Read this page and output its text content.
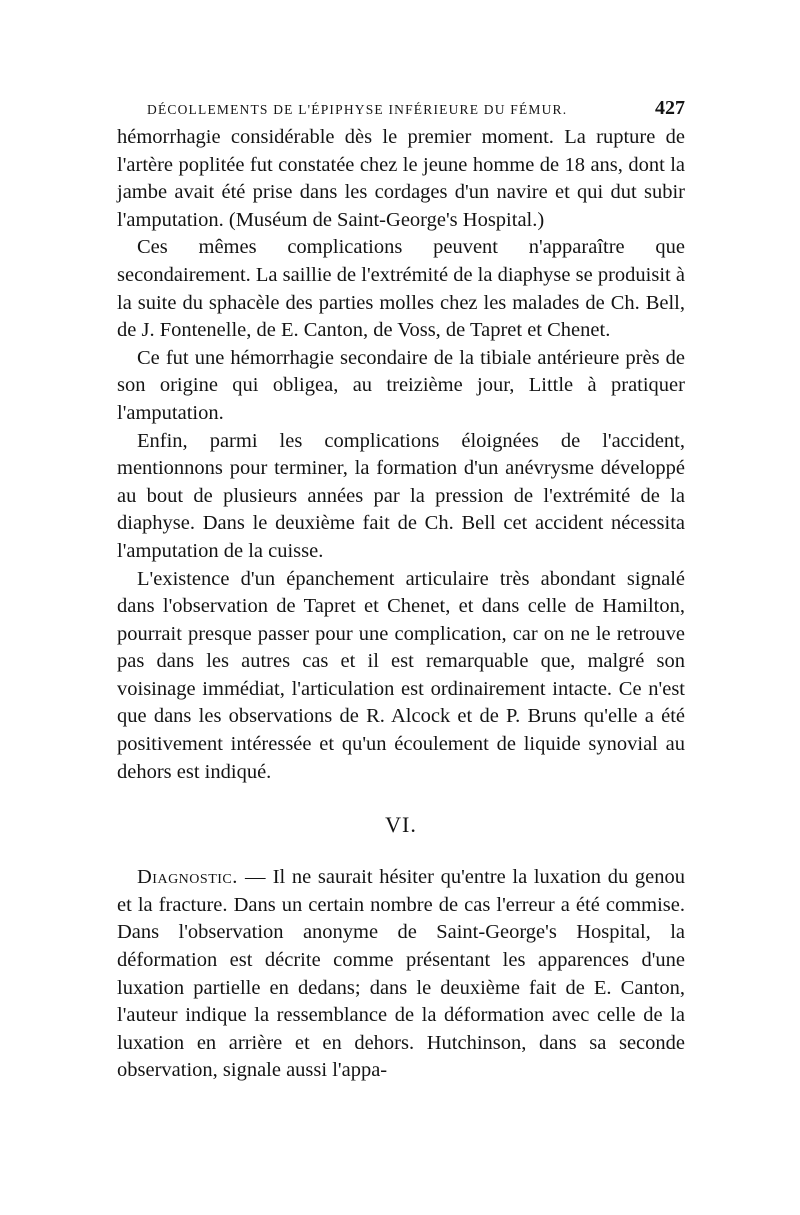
DÉCOLLEMENTS DE L'ÉPIPHYSE INFÉRIEURE DU FÉMUR.	427

hémorrhagie considérable dès le premier moment. La rupture de l'artère poplitée fut constatée chez le jeune homme de 18 ans, dont la jambe avait été prise dans les cordages d'un navire et qui dut subir l'amputation. (Muséum de Saint-George's Hospital.)

Ces mêmes complications peuvent n'apparaître que secondairement. La saillie de l'extrémité de la diaphyse se produisit à la suite du sphacèle des parties molles chez les malades de Ch. Bell, de J. Fontenelle, de E. Canton, de Voss, de Tapret et Chenet.

Ce fut une hémorrhagie secondaire de la tibiale antérieure près de son origine qui obligea, au treizième jour, Little à pratiquer l'amputation.

Enfin, parmi les complications éloignées de l'accident, mentionnons pour terminer, la formation d'un anévrysme développé au bout de plusieurs années par la pression de l'extrémité de la diaphyse. Dans le deuxième fait de Ch. Bell cet accident nécessita l'amputation de la cuisse.

L'existence d'un épanchement articulaire très abondant signalé dans l'observation de Tapret et Chenet, et dans celle de Hamilton, pourrait presque passer pour une complication, car on ne le retrouve pas dans les autres cas et il est remarquable que, malgré son voisinage immédiat, l'articulation est ordinairement intacte. Ce n'est que dans les observations de R. Alcock et de P. Bruns qu'elle a été positivement intéressée et qu'un écoulement de liquide synovial au dehors est indiqué.

VI.

Diagnostic. — Il ne saurait hésiter qu'entre la luxation du genou et la fracture. Dans un certain nombre de cas l'erreur a été commise. Dans l'observation anonyme de Saint-George's Hospital, la déformation est décrite comme présentant les apparences d'une luxation partielle en dedans; dans le deuxième fait de E. Canton, l'auteur indique la ressemblance de la déformation avec celle de la luxation en arrière et en dehors. Hutchinson, dans sa seconde observation, signale aussi l'appa-
